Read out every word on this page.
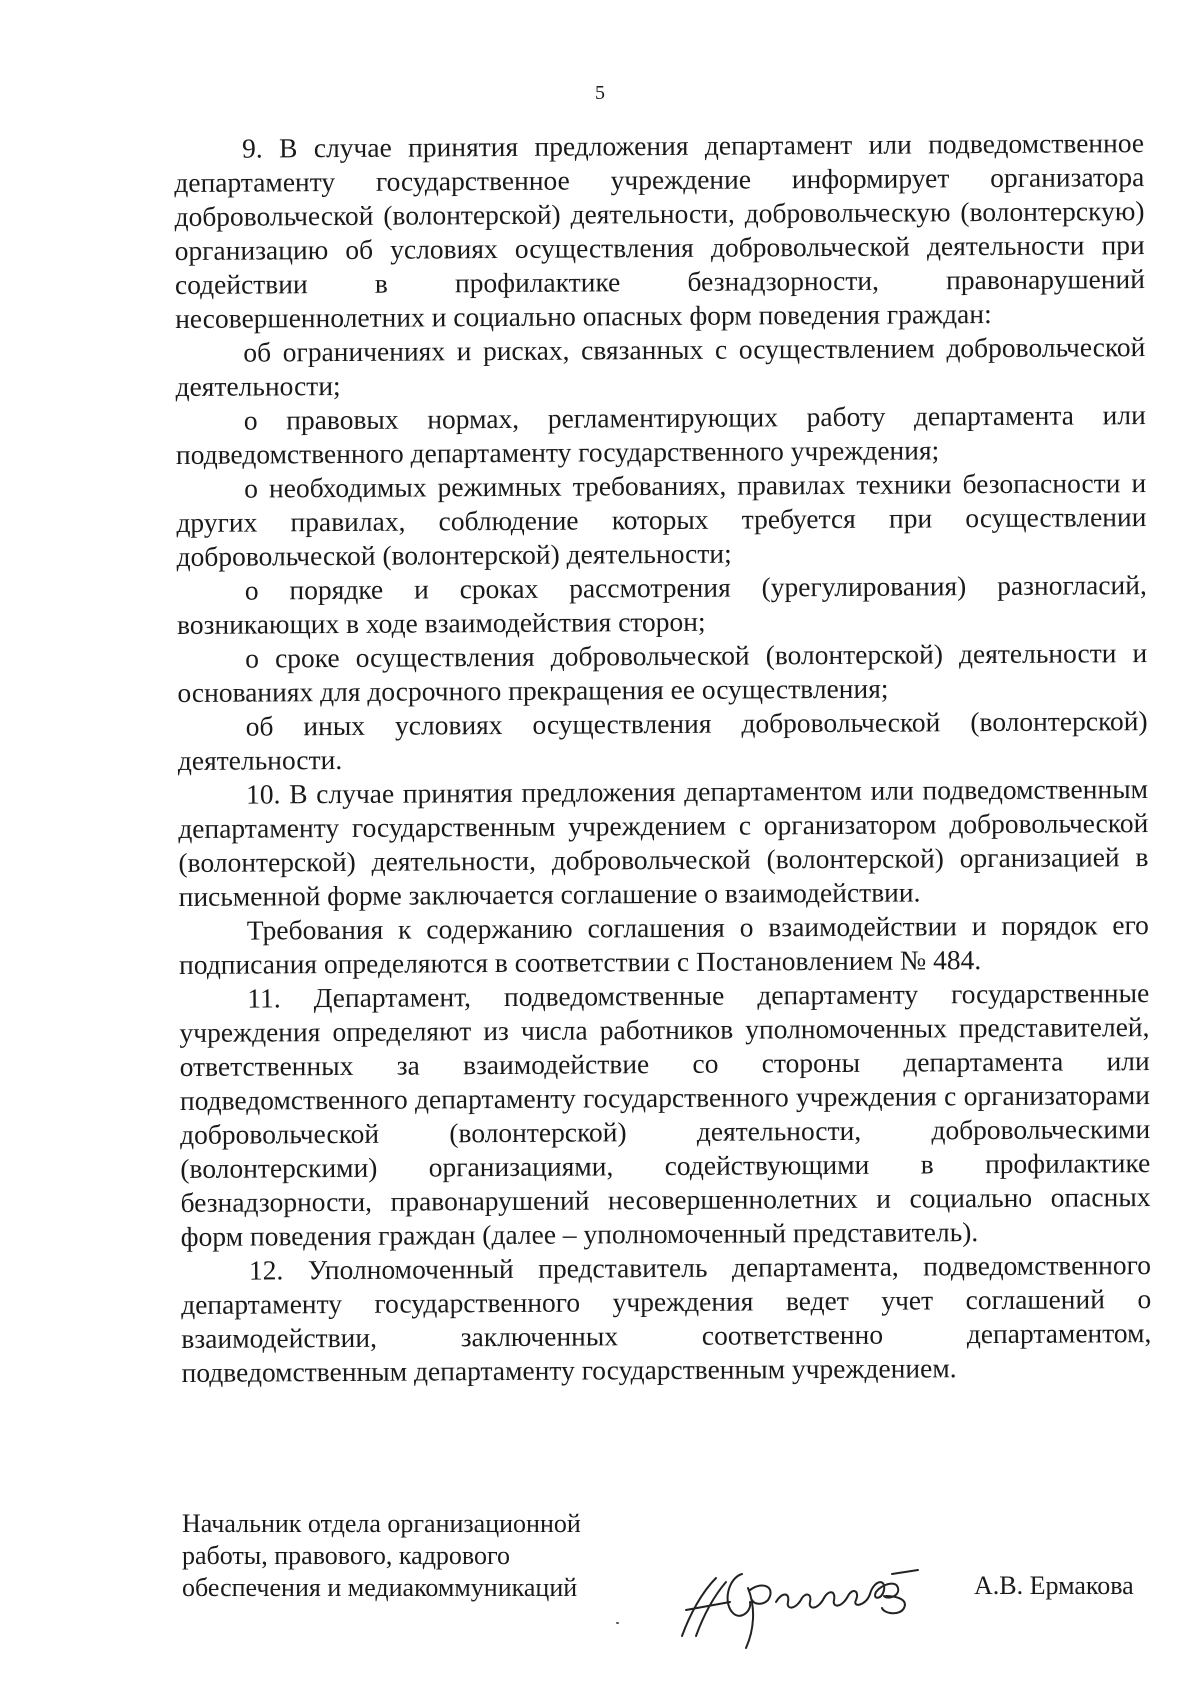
5

9. В случае принятия предложения департамент или подведомственное департаменту государственное учреждение информирует организатора добровольческой (волонтерской) деятельности, добровольческую (волонтерскую) организацию об условиях осуществления добровольческой деятельности при содействии в профилактике безнадзорности, правонарушений несовершеннолетних и социально опасных форм поведения граждан:

об ограничениях и рисках, связанных с осуществлением добровольческой деятельности;

о правовых нормах, регламентирующих работу департамента или подведомственного департаменту государственного учреждения;

о необходимых режимных требованиях, правилах техники безопасности и других правилах, соблюдение которых требуется при осуществлении добровольческой (волонтерской) деятельности;

о порядке и сроках рассмотрения (урегулирования) разногласий, возникающих в ходе взаимодействия сторон;

о сроке осуществления добровольческой (волонтерской) деятельности и основаниях для досрочного прекращения ее осуществления;

об иных условиях осуществления добровольческой (волонтерской) деятельности.

10. В случае принятия предложения департаментом или подведомственным департаменту государственным учреждением с организатором добровольческой (волонтерской) деятельности, добровольческой (волонтерской) организацией в письменной форме заключается соглашение о взаимодействии.

Требования к содержанию соглашения о взаимодействии и порядок его подписания определяются в соответствии с Постановлением № 484.

11. Департамент, подведомственные департаменту государственные учреждения определяют из числа работников уполномоченных представителей, ответственных за взаимодействие со стороны департамента или подведомственного департаменту государственного учреждения с организаторами добровольческой (волонтерской) деятельности, добровольческими (волонтерскими) организациями, содействующими в профилактике безнадзорности, правонарушений несовершеннолетних и социально опасных форм поведения граждан (далее – уполномоченный представитель).

12. Уполномоченный представитель департамента, подведомственного департаменту государственного учреждения ведет учет соглашений о взаимодействии, заключенных соответственно департаментом, подведомственным департаменту государственным учреждением.

Начальник отдела организационной
работы, правового, кадрового
обеспечения и медиакоммуникаций	А.В. Ермакова
